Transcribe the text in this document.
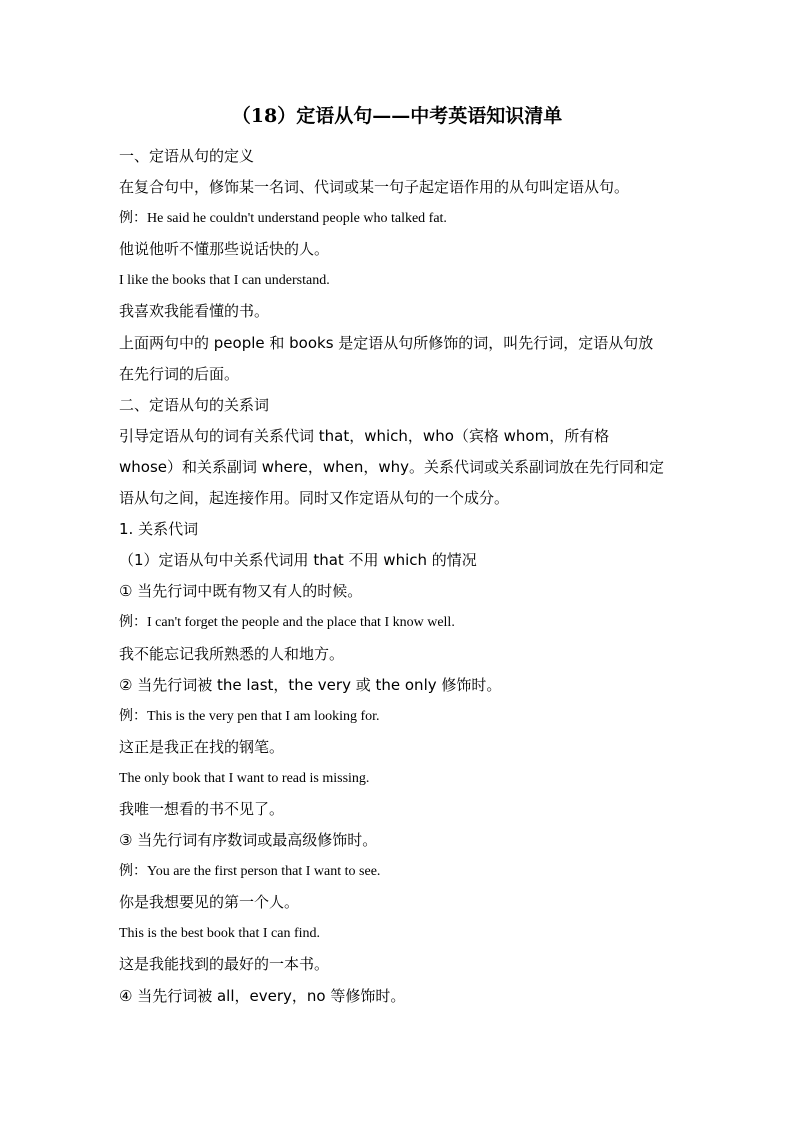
（18）定语从句——中考英语知识清单
一、定语从句的定义
在复合句中，修饰某一名词、代词或某一句子起定语作用的从句叫定语从句。
例：He said he couldn't understand people who talked fat.
他说他听不懂那些说话快的人。
I like the books that I can understand.
我喜欢我能看懂的书。
上面两句中的 people 和 books 是定语从句所修饰的词，叫先行词，定语从句放
在先行词的后面。
二、定语从句的关系词
引导定语从句的词有关系代词 that，which，who（宾格 whom，所有格
whose）和关系副词 where，when，why。关系代词或关系副词放在先行同和定
语从句之间，起连接作用。同时又作定语从句的一个成分。
1. 关系代词
（1）定语从句中关系代词用 that 不用 which 的情况
① 当先行词中既有物又有人的时候。
例：I can't forget the people and the place that I know well.
我不能忘记我所熟悉的人和地方。
② 当先行词被 the last，the very 或 the only 修饰时。
例：This is the very pen that I am looking for.
这正是我正在找的钢笔。
The only book that I want to read is missing.
我唯一想看的书不见了。
③ 当先行词有序数词或最高级修饰时。
例：You are the first person that I want to see.
你是我想要见的第一个人。
This is the best book that I can find.
这是我能找到的最好的一本书。
④ 当先行词被 all，every，no 等修饰时。
